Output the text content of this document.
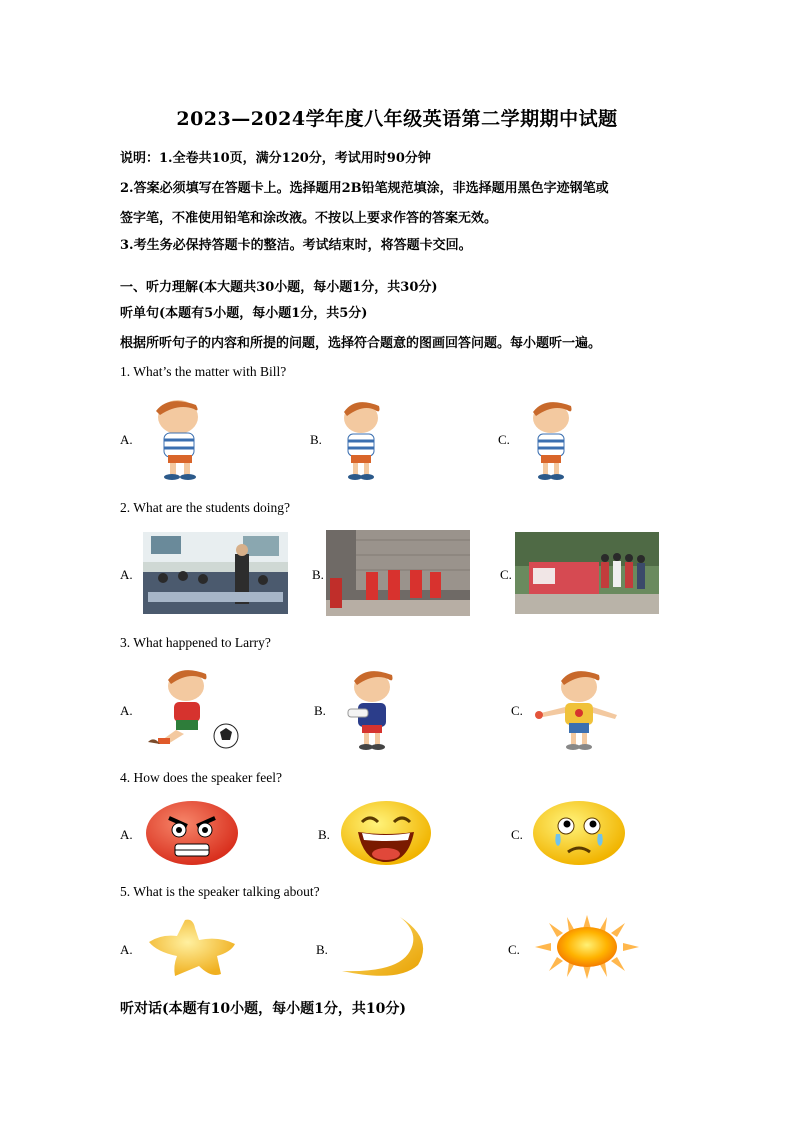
2023—2024学年度八年级英语第二学期期中试题
说明：1.全卷共10页，满分120分，考试用时90分钟
2.答案必须填写在答题卡上。选择题用2B铅笔规范填涂，非选择题用黑色字迹钢笔或
签字笔，不准使用铅笔和涂改液。不按以上要求作答的答案无效。
3.考生务必保持答题卡的整洁。考试结束时，将答题卡交回。
一、听力理解(本大题共30小题，每小题1分，共30分)
听单句(本题有5小题，每小题1分，共5分)
根据所听句子的内容和所提的问题，选择符合题意的图画回答问题。每小题听一遍。
1. What’s the matter with Bill?
A.	B.	C.
2. What are the students doing?
A.	B.	C.
3. What happened to Larry?
A.	B.	C.
4. How does the speaker feel?
A.	B.	C.
5. What is the speaker talking about?
A.	B.	C.
听对话(本题有10小题，每小题1分，共10分)
